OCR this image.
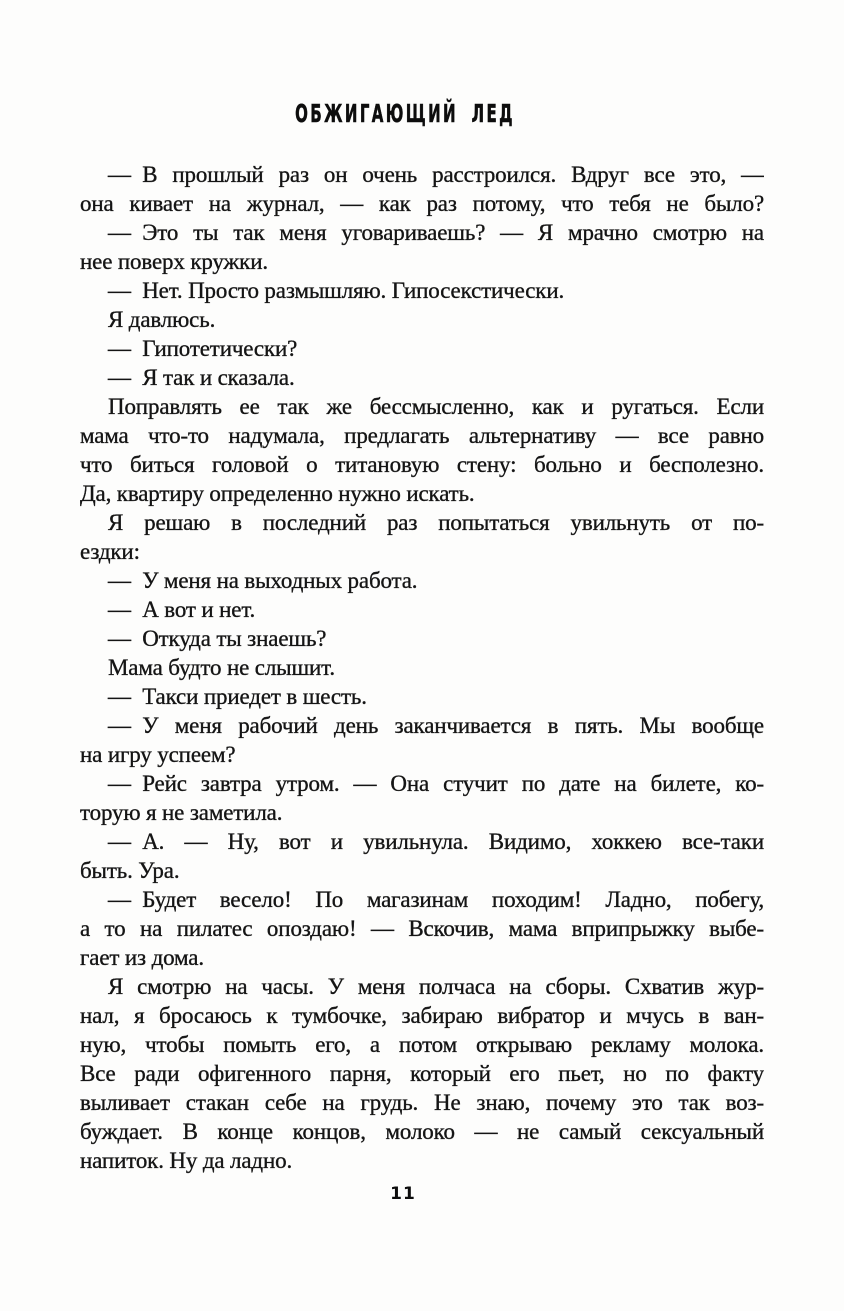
ОБЖИГАЮЩИЙ ЛЕД
— В прошлый раз он очень расстроился. Вдруг все это, —
она кивает на журнал, — как раз потому, что тебя не было?
— Это ты так меня уговариваешь? — Я мрачно смотрю на
нее поверх кружки.
— Нет. Просто размышляю. Гипосекстически.
Я давлюсь.
— Гипотетически?
— Я так и сказала.
Поправлять ее так же бессмысленно, как и ругаться. Если
мама что-то надумала, предлагать альтернативу — все равно
что биться головой о титановую стену: больно и бесполезно.
Да, квартиру определенно нужно искать.
Я решаю в последний раз попытаться увильнуть от по-
ездки:
— У меня на выходных работа.
— А вот и нет.
— Откуда ты знаешь?
Мама будто не слышит.
— Такси приедет в шесть.
— У меня рабочий день заканчивается в пять. Мы вообще
на игру успеем?
— Рейс завтра утром. — Она стучит по дате на билете, ко-
торую я не заметила.
— А. — Ну, вот и увильнула. Видимо, хоккею все-таки
быть. Ура.
— Будет весело! По магазинам походим! Ладно, побегу,
а то на пилатес опоздаю! — Вскочив, мама вприпрыжку выбе-
гает из дома.
Я смотрю на часы. У меня полчаса на сборы. Схватив жур-
нал, я бросаюсь к тумбочке, забираю вибратор и мчусь в ван-
ную, чтобы помыть его, а потом открываю рекламу молока.
Все ради офигенного парня, который его пьет, но по факту
выливает стакан себе на грудь. Не знаю, почему это так воз-
буждает. В конце концов, молоко — не самый сексуальный
напиток. Ну да ладно.
11
